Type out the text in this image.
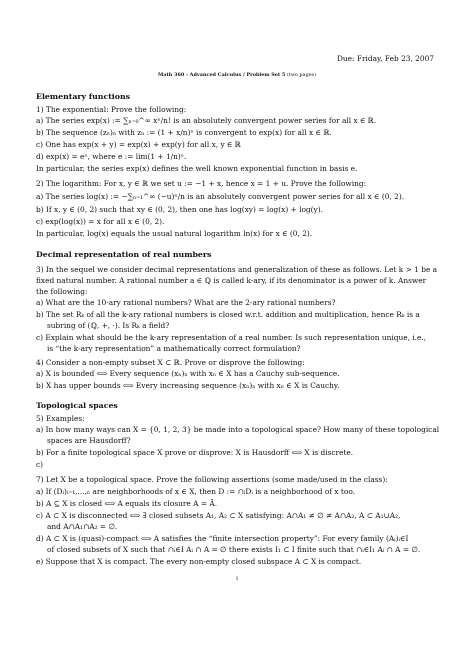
Due: Friday, Feb 23, 2007
Math 360 - Advanced Calculus / Problem Set 5 (two pages)
Elementary functions
1) The exponential: Prove the following:
a) The series exp(x) := ∑ₙ₌₀^∞ xⁿ/n! is an absolutely convergent power series for all x ∈ ℝ.
b) The sequence (zₙ)ₙ with zₙ := (1 + x/n)ⁿ is convergent to exp(x) for all x ∈ ℝ.
c) One has exp(x + y) = exp(x) + exp(y) for all x, y ∈ ℝ
d) exp(x) = eˣ, where e := lim(1 + 1/n)ⁿ.
In particular, the series exp(x) defines the well known exponential function in basis e.
2) The logarithm: For x, y ∈ ℝ we set u := −1 + x, hence x = 1 + u. Prove the following:
a) The series log(x) := −∑ₙ₌₁^∞ (−u)ⁿ/n is an absolutely convergent power series for all x ∈ (0, 2).
b) If x, y ∈ (0, 2) such that xy ∈ (0, 2), then one has log(xy) = log(x) + log(y).
c) exp(log(x)) = x for all x ∈ (0, 2).
In particular, log(x) equals the usual natural logarithm ln(x) for x ∈ (0, 2).
Decimal representation of real numbers
3) In the sequel we consider decimal representations and generalization of these as follows. Let k > 1 be a
fixed natural number. A rational number a ∈ ℚ is called k-ary, if its denominator is a power of k. Answer
the following:
a) What are the 10-ary rational numbers? What are the 2-ary rational numbers?
b) The set Rₖ of all the k-ary rational numbers is closed w.r.t. addition and multiplication, hence Rₖ is a
subring of (ℚ, +, ·). Is Rₖ a field?
c) Explain what should be the k-ary representation of a real number. Is such representation unique, i.e.,
is “the k-ary representation” a mathematically correct formulation?
4) Consider a non-empty subset X ⊂ ℝ. Prove or disprove the following:
a) X is bounded ⟺ Every sequence (xₙ)ₙ with xₙ ∈ X has a Cauchy sub-sequence.
b) X has upper bounds ⟺ Every increasing sequence (xₙ)ₙ with xₙ ∈ X is Cauchy.
Topological spaces
5) Examples:
a) In how many ways can X = {0, 1, 2, 3} be made into a topological space? How many of these topological
spaces are Hausdorff?
b) For a finite topological space X prove or disprove: X is Hausdorff ⟺ X is discrete.
c)
7) Let X be a topological space. Prove the following assertions (some made/used in the class):
a) If (Dᵢ)ᵢ₌₁,...,ₙ are neighborhoods of x ∈ X, then D := ∩ᵢDᵢ is a neighborhood of x too.
b) A ⊆ X is closed ⟺ A equals its closure A = Ā.
c) A ⊂ X is disconnected ⟺ ∃ closed subsets A₁, A₂ ⊂ X satisfying: A∩A₁ ≠ ∅ ≠ A∩A₂, A ⊂ A₁∪A₂,
and A∩A₁∩A₂ = ∅.
d) A ⊂ X is (quasi)-compact ⟺ A satisfies the “finite intersection property”: For every family (Aᵢ)ᵢ∈I
of closed subsets of X such that ∩ᵢ∈I Aᵢ ∩ A = ∅ there exists I₁ ⊂ I finite such that ∩ᵢ∈I₁ Aᵢ ∩ A = ∅.
e) Suppose that X is compact. The every non-empty closed subspace A ⊂ X is compact.
1
